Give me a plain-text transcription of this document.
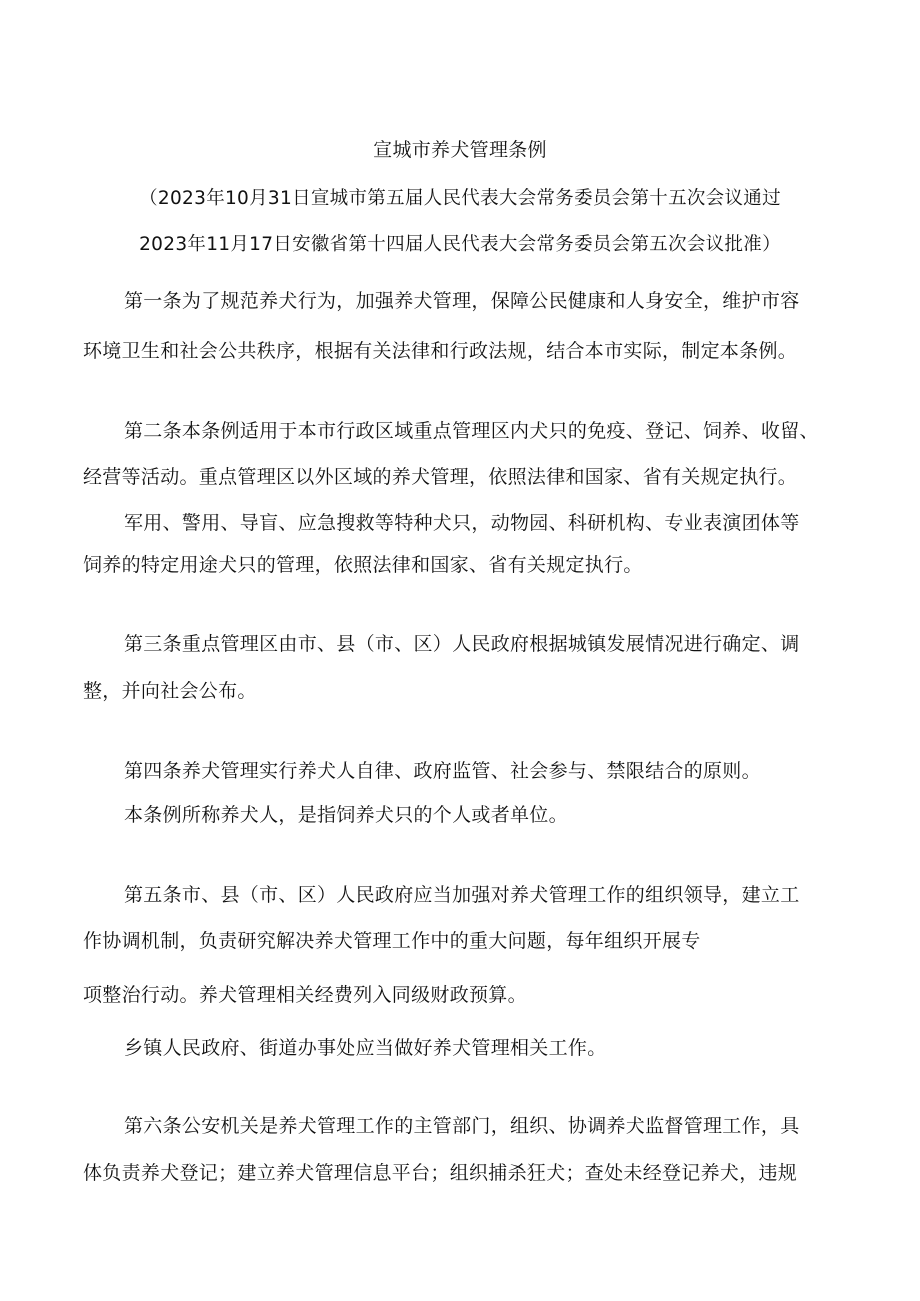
宣城市养犬管理条例
（2023年10月31日宣城市第五届人民代表大会常务委员会第十五次会议通过
2023年11月17日安徽省第十四届人民代表大会常务委员会第五次会议批准）
第一条为了规范养犬行为，加强养犬管理，保障公民健康和人身安全，维护市容
环境卫生和社会公共秩序，根据有关法律和行政法规，结合本市实际，制定本条例。
第二条本条例适用于本市行政区域重点管理区内犬只的免疫、登记、饲养、收留、
经营等活动。重点管理区以外区域的养犬管理，依照法律和国家、省有关规定执行。
军用、警用、导盲、应急搜救等特种犬只，动物园、科研机构、专业表演团体等
饲养的特定用途犬只的管理，依照法律和国家、省有关规定执行。
第三条重点管理区由市、县（市、区）人民政府根据城镇发展情况进行确定、调
整，并向社会公布。
第四条养犬管理实行养犬人自律、政府监管、社会参与、禁限结合的原则。
本条例所称养犬人，是指饲养犬只的个人或者单位。
第五条市、县（市、区）人民政府应当加强对养犬管理工作的组织领导，建立工
作协调机制，负责研究解决养犬管理工作中的重大问题，每年组织开展专
项整治行动。养犬管理相关经费列入同级财政预算。
乡镇人民政府、街道办事处应当做好养犬管理相关工作。
第六条公安机关是养犬管理工作的主管部门，组织、协调养犬监督管理工作，具
体负责养犬登记；建立养犬管理信息平台；组织捕杀狂犬；查处未经登记养犬，违规
